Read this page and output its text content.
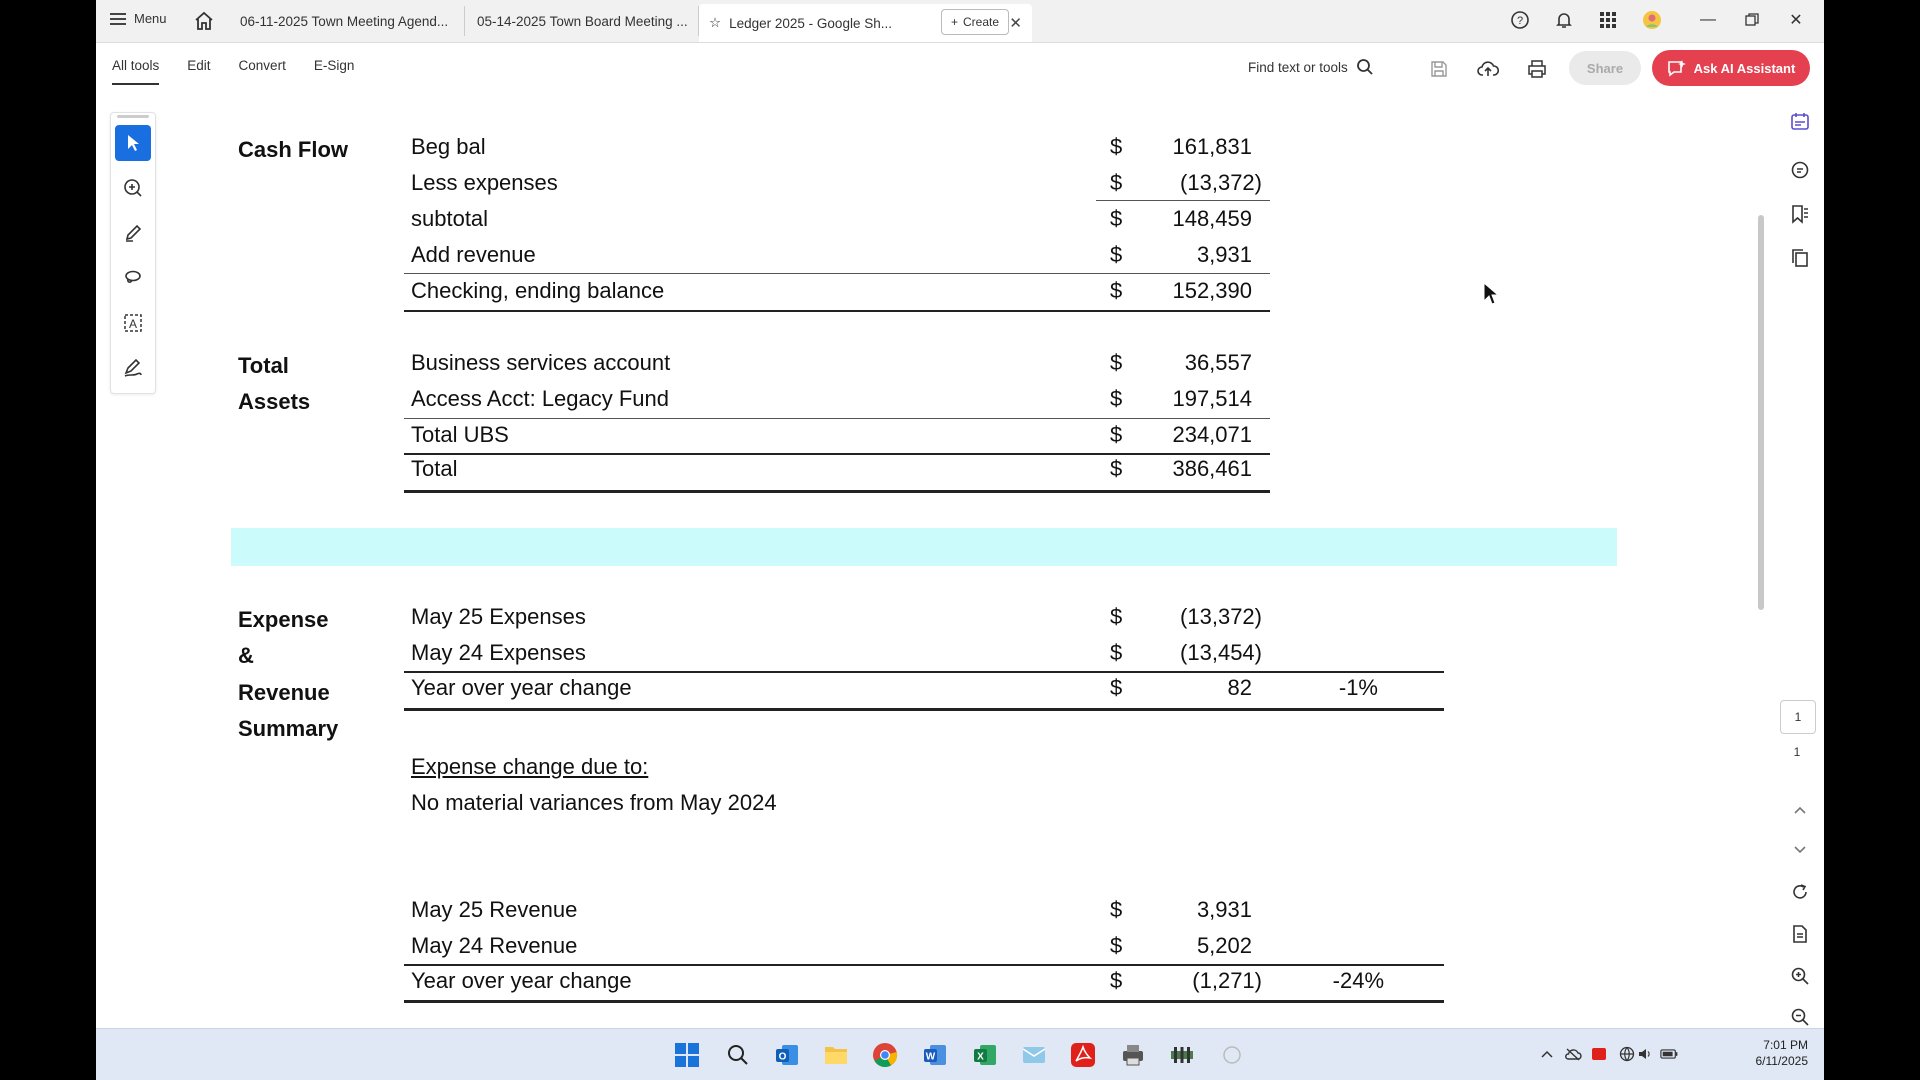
Menu	06-11-2025 Town Meeting Agend... 05-14-2025 Town Board Meeting ... ☆ Ledger 2025 - Google Sh...	✕
+ Create	?	—	✕
All tools Edit Convert E-Sign	Find text or tools	Share	Ask AI Assistant
A
Cash Flow	Beg bal	$	161,831
Less expenses	$	(13,372)
subtotal	$	148,459
Add revenue	$	3,931
Checking, ending balance	$	152,390
Total
Assets
Business services account	$	36,557
Access Acct: Legacy Fund	$	197,514
Total UBS	$	234,071
Total	$	386,461
Expense
&
Revenue
Summary
May 25 Expenses	$	(13,372)
May 24 Expenses	$	(13,454)
Year over year change	$	82	-1%
Expense change due to:
No material variances from May 2024
May 25 Revenue	$	3,931
May 24 Revenue	$	5,202
Year over year change	$	(1,271)	-24%
1
1
O	W	X
7:01 PM
6/11/2025
